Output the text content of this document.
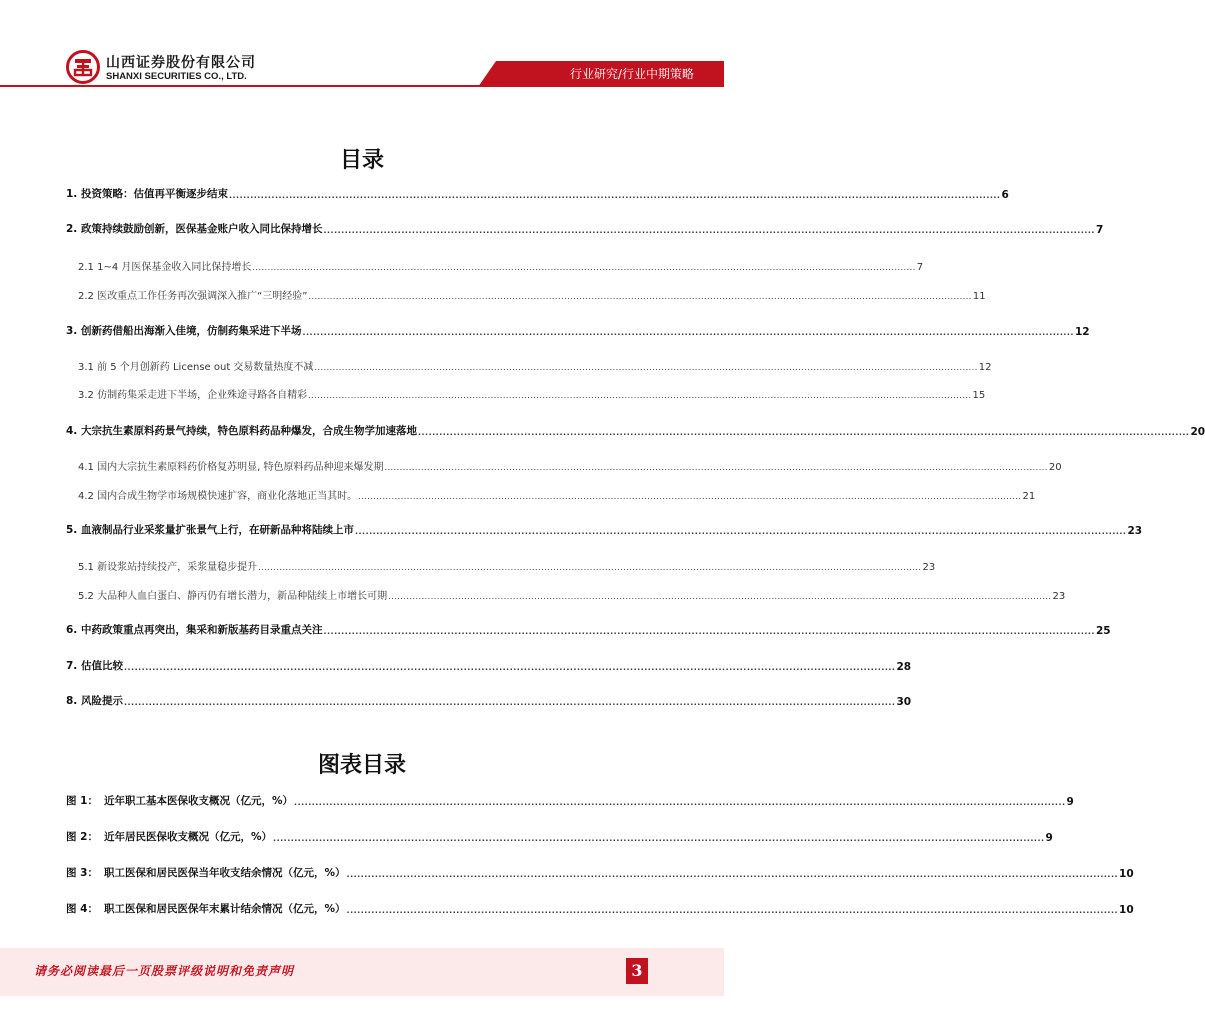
山西证券股份有限公司
SHANXI SECURITIES CO., LTD.	行业研究/行业中期策略
目录
1. 投资策略：估值再平衡逐步结束 .......................................................................................................................................................................................................................... 6
2. 政策持续鼓励创新，医保基金账户收入同比保持增长 .......................................................................................................................................................................................................................... 7
2.1 1~4 月医保基金收入同比保持增长 .......................................................................................................................................................................................................................... 7
2.2 医改重点工作任务再次强调深入推广“三明经验” .......................................................................................................................................................................................................................... 11
3. 创新药借船出海渐入佳境，仿制药集采进下半场 .......................................................................................................................................................................................................................... 12
3.1 前 5 个月创新药 License out 交易数量热度不减 .......................................................................................................................................................................................................................... 12
3.2 仿制药集采走进下半场，企业殊途寻路各自精彩 .......................................................................................................................................................................................................................... 15
4. 大宗抗生素原料药景气持续，特色原料药品种爆发，合成生物学加速落地 .......................................................................................................................................................................................................................... 20
4.1 国内大宗抗生素原料药价格复苏明显, 特色原料药品种迎来爆发期 .......................................................................................................................................................................................................................... 20
4.2 国内合成生物学市场规模快速扩容，商业化落地正当其时。 .......................................................................................................................................................................................................................... 21
5. 血液制品行业采浆量扩张景气上行，在研新品种将陆续上市 .......................................................................................................................................................................................................................... 23
5.1 新设浆站持续投产，采浆量稳步提升 .......................................................................................................................................................................................................................... 23
5.2 大品种人血白蛋白、静丙仍有增长潜力，新品种陆续上市增长可期 .......................................................................................................................................................................................................................... 23
6. 中药政策重点再突出，集采和新版基药目录重点关注 .......................................................................................................................................................................................................................... 25
7. 估值比较 .......................................................................................................................................................................................................................... 28
8. 风险提示 .......................................................................................................................................................................................................................... 30
图表目录
图 1： 近年职工基本医保收支概况（亿元，%） .......................................................................................................................................................................................................................... 9
图 2： 近年居民医保收支概况（亿元，%） .......................................................................................................................................................................................................................... 9
图 3： 职工医保和居民医保当年收支结余情况（亿元，%） .......................................................................................................................................................................................................................... 10
图 4： 职工医保和居民医保年末累计结余情况（亿元，%） .......................................................................................................................................................................................................................... 10
请务必阅读最后一页股票评级说明和免责声明	3
